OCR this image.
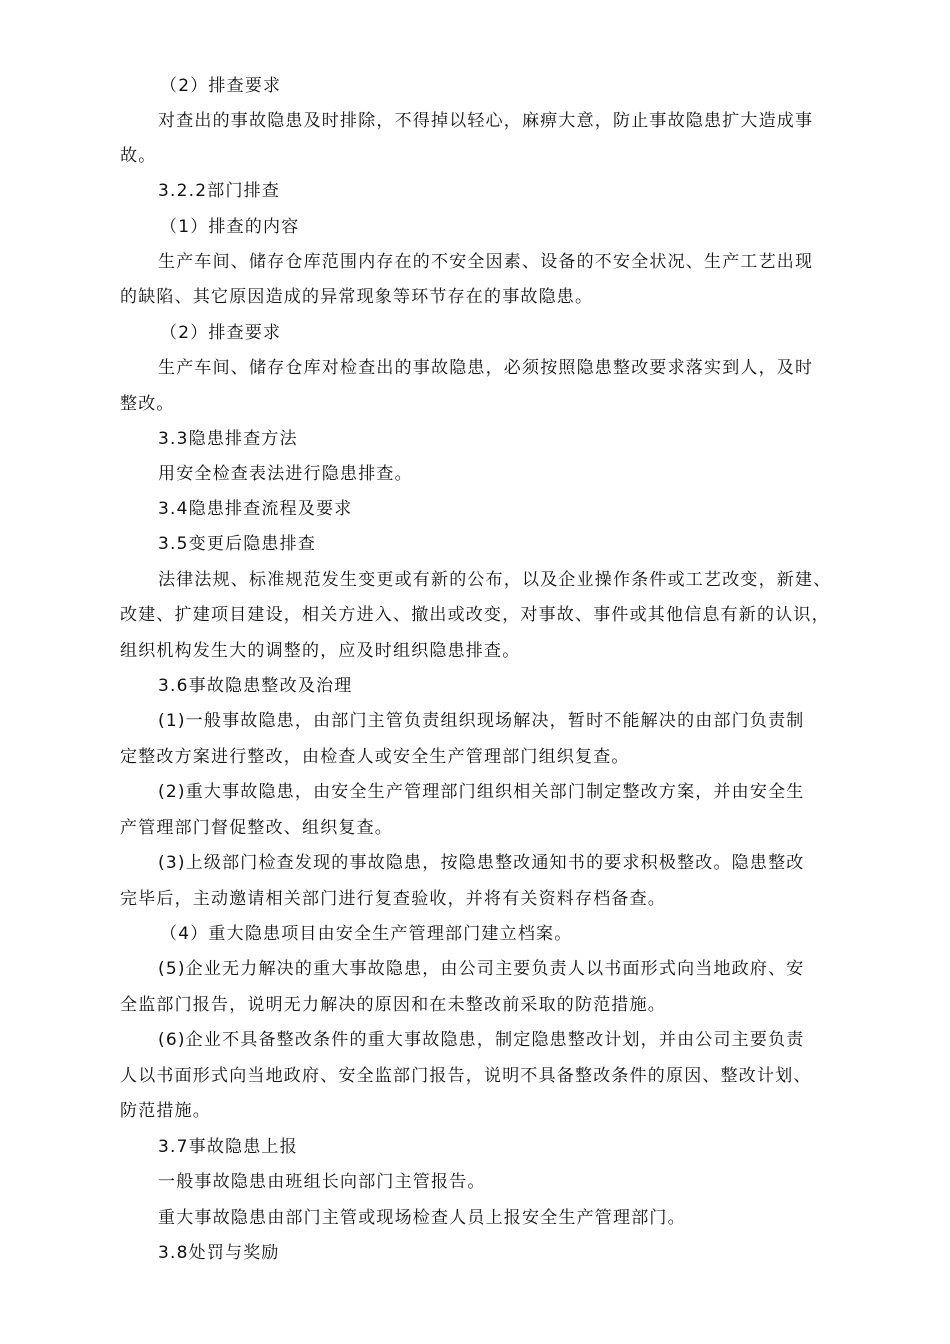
（2）排查要求
对查出的事故隐患及时排除，不得掉以轻心，麻痹大意，防止事故隐患扩大造成事
故。
3.2.2部门排查
（1）排查的内容
生产车间、储存仓库范围内存在的不安全因素、设备的不安全状况、生产工艺出现
的缺陷、其它原因造成的异常现象等环节存在的事故隐患。
（2）排查要求
生产车间、储存仓库对检查出的事故隐患，必须按照隐患整改要求落实到人，及时
整改。
3.3隐患排查方法
用安全检查表法进行隐患排查。
3.4隐患排查流程及要求
3.5变更后隐患排查
法律法规、标准规范发生变更或有新的公布，以及企业操作条件或工艺改变，新建、
改建、扩建项目建设，相关方进入、撤出或改变，对事故、事件或其他信息有新的认识，
组织机构发生大的调整的，应及时组织隐患排查。
3.6事故隐患整改及治理
(1)一般事故隐患，由部门主管负责组织现场解决，暂时不能解决的由部门负责制
定整改方案进行整改，由检查人或安全生产管理部门组织复查。
(2)重大事故隐患，由安全生产管理部门组织相关部门制定整改方案，并由安全生
产管理部门督促整改、组织复查。
(3)上级部门检查发现的事故隐患，按隐患整改通知书的要求积极整改。隐患整改
完毕后，主动邀请相关部门进行复查验收，并将有关资料存档备查。
（4）重大隐患项目由安全生产管理部门建立档案。
(5)企业无力解决的重大事故隐患，由公司主要负责人以书面形式向当地政府、安
全监部门报告，说明无力解决的原因和在未整改前采取的防范措施。
(6)企业不具备整改条件的重大事故隐患，制定隐患整改计划，并由公司主要负责
人以书面形式向当地政府、安全监部门报告，说明不具备整改条件的原因、整改计划、
防范措施。
3.7事故隐患上报
一般事故隐患由班组长向部门主管报告。
重大事故隐患由部门主管或现场检查人员上报安全生产管理部门。
3.8处罚与奖励
